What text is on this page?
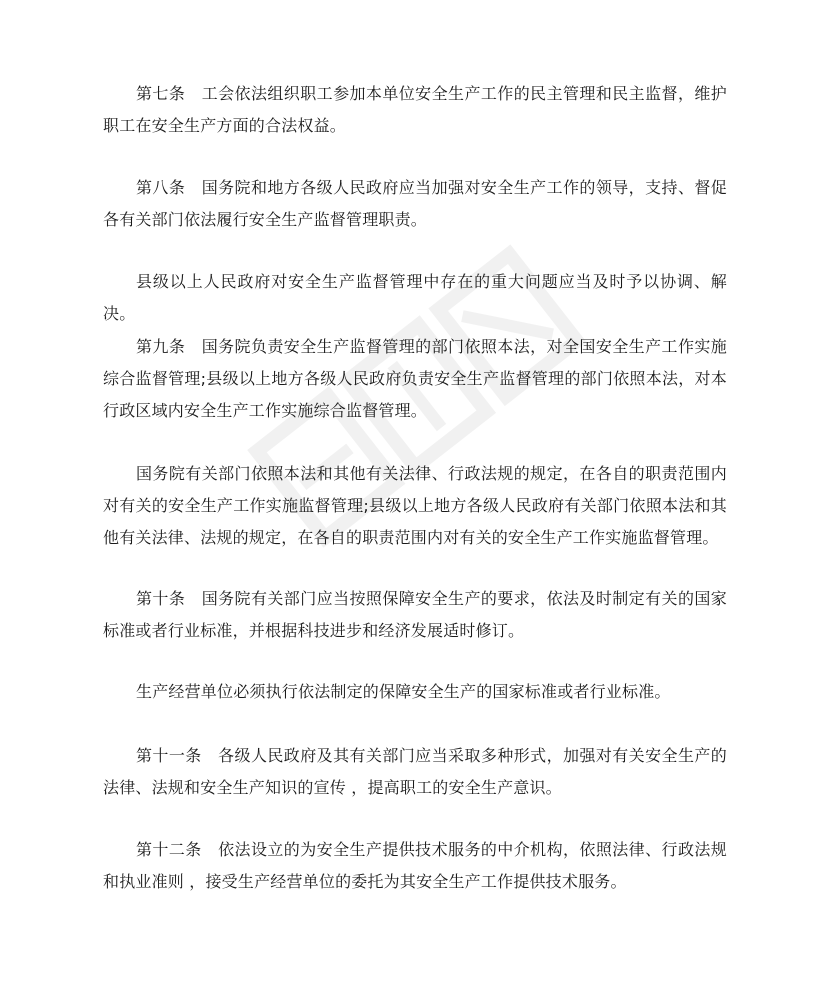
第七条　工会依法组织职工参加本单位安全生产工作的民主管理和民主监督，维护职工在安全生产方面的合法权益。

第八条　国务院和地方各级人民政府应当加强对安全生产工作的领导，支持、督促各有关部门依法履行安全生产监督管理职责。

县级以上人民政府对安全生产监督管理中存在的重大问题应当及时予以协调、解决。

第九条　国务院负责安全生产监督管理的部门依照本法，对全国安全生产工作实施综合监督管理;县级以上地方各级人民政府负责安全生产监督管理的部门依照本法，对本行政区域内安全生产工作实施综合监督管理。

国务院有关部门依照本法和其他有关法律、行政法规的规定，在各自的职责范围内对有关的安全生产工作实施监督管理;县级以上地方各级人民政府有关部门依照本法和其他有关法律、法规的规定，在各自的职责范围内对有关的安全生产工作实施监督管理。

第十条　国务院有关部门应当按照保障安全生产的要求，依法及时制定有关的国家标准或者行业标准，并根据科技进步和经济发展适时修订。

生产经营单位必须执行依法制定的保障安全生产的国家标准或者行业标准。

第十一条　各级人民政府及其有关部门应当采取多种形式，加强对有关安全生产的法律、法规和安全生产知识的宣传 ，提高职工的安全生产意识。

第十二条　依法设立的为安全生产提供技术服务的中介机构，依照法律、行政法规和执业准则 ，接受生产经营单位的委托为其安全生产工作提供技术服务。
